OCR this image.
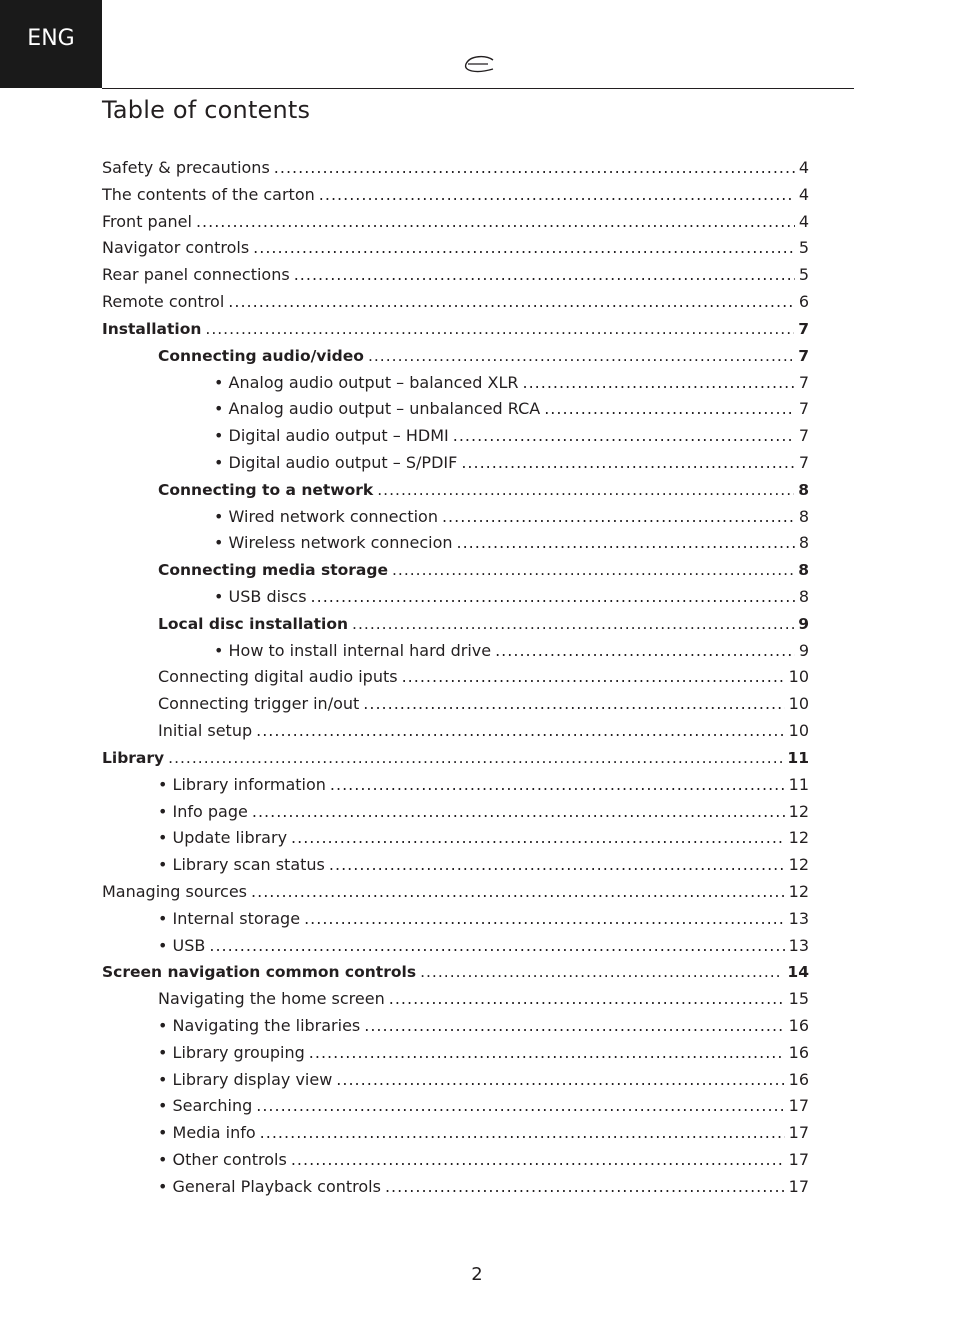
ENG
Table of contents
Safety & precautions .....	4
The contents of the carton .....	4
Front panel .....	4
Navigator controls .....	5
Rear panel connections .....	5
Remote control .....	6
Installation .....	7
Connecting audio/video .....	7
• Analog audio output – balanced XLR .....	7
• Analog audio output – unbalanced RCA .....	7
• Digital audio output – HDMI .....	7
• Digital audio output – S/PDIF .....	7
Connecting to a network .....	8
• Wired network connection .....	8
• Wireless network connecion .....	8
Connecting media storage .....	8
• USB discs .....	8
Local disc installation .....	9
• How to install internal hard drive .....	9
Connecting digital audio iputs .....	10
Connecting trigger in/out .....	10
Initial setup .....	10
Library .....	11
• Library information .....	11
• Info page .....	12
• Update library .....	12
• Library scan status .....	12
Managing sources .....	12
• Internal storage .....	13
• USB .....	13
Screen navigation common controls .....	14
Navigating the home screen .....	15
• Navigating the libraries .....	16
• Library grouping .....	16
• Library display view .....	16
• Searching .....	17
• Media info .....	17
• Other controls .....	17
• General Playback controls .....	17
2
